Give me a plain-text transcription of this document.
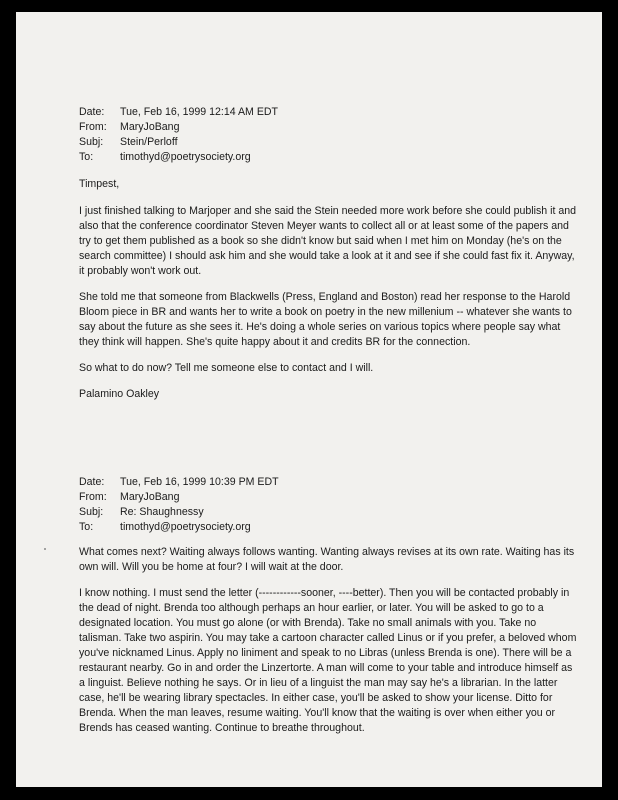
Date:	Tue, Feb 16, 1999 12:14 AM EDT
From:	MaryJoBang
Subj:	Stein/Perloff
To:	timothyd@poetrysociety.org

Timpest,

I just finished talking to Marjoper and she said the Stein needed more work before she could publish it and also that the conference coordinator Steven Meyer wants to collect all or at least some of the papers and try to get them published as a book so she didn't know but said when I met him on Monday (he's on the search committee) I should ask him and she would take a look at it and see if she could fast fix it. Anyway, it probably won't work out.

She told me that someone from Blackwells (Press, England and Boston) read her response to the Harold Bloom piece in BR and wants her to write a book on poetry in the new millenium -- whatever she wants to say about the future as she sees it. He's doing a whole series on various topics where people say what they think will happen. She's quite happy about it and credits BR for the connection.

So what to do now? Tell me someone else to contact and I will.

Palamino Oakley

Date:	Tue, Feb 16, 1999 10:39 PM EDT
From:	MaryJoBang
Subj:	Re: Shaughnessy
To:	timothyd@poetrysociety.org

What comes next? Waiting always follows wanting. Wanting always revises at its own rate. Waiting has its own will. Will you be home at four? I will wait at the door.

I know nothing. I must send the letter (------------sooner, ----better). Then you will be contacted probably in the dead of night. Brenda too although perhaps an hour earlier, or later. You will be asked to go to a designated location. You must go alone (or with Brenda). Take no small animals with you. Take no talisman. Take two aspirin. You may take a cartoon character called Linus or if you prefer, a beloved whom you've nicknamed Linus. Apply no liniment and speak to no Libras (unless Brenda is one). There will be a restaurant nearby. Go in and order the Linzertorte. A man will come to your table and introduce himself as a linguist. Believe nothing he says. Or in lieu of a linguist the man may say he's a librarian. In the latter case, he'll be wearing library spectacles. In either case, you'll be asked to show your license. Ditto for Brenda. When the man leaves, resume waiting. You'll know that the waiting is over when either you or Brends has ceased wanting. Continue to breathe throughout.
